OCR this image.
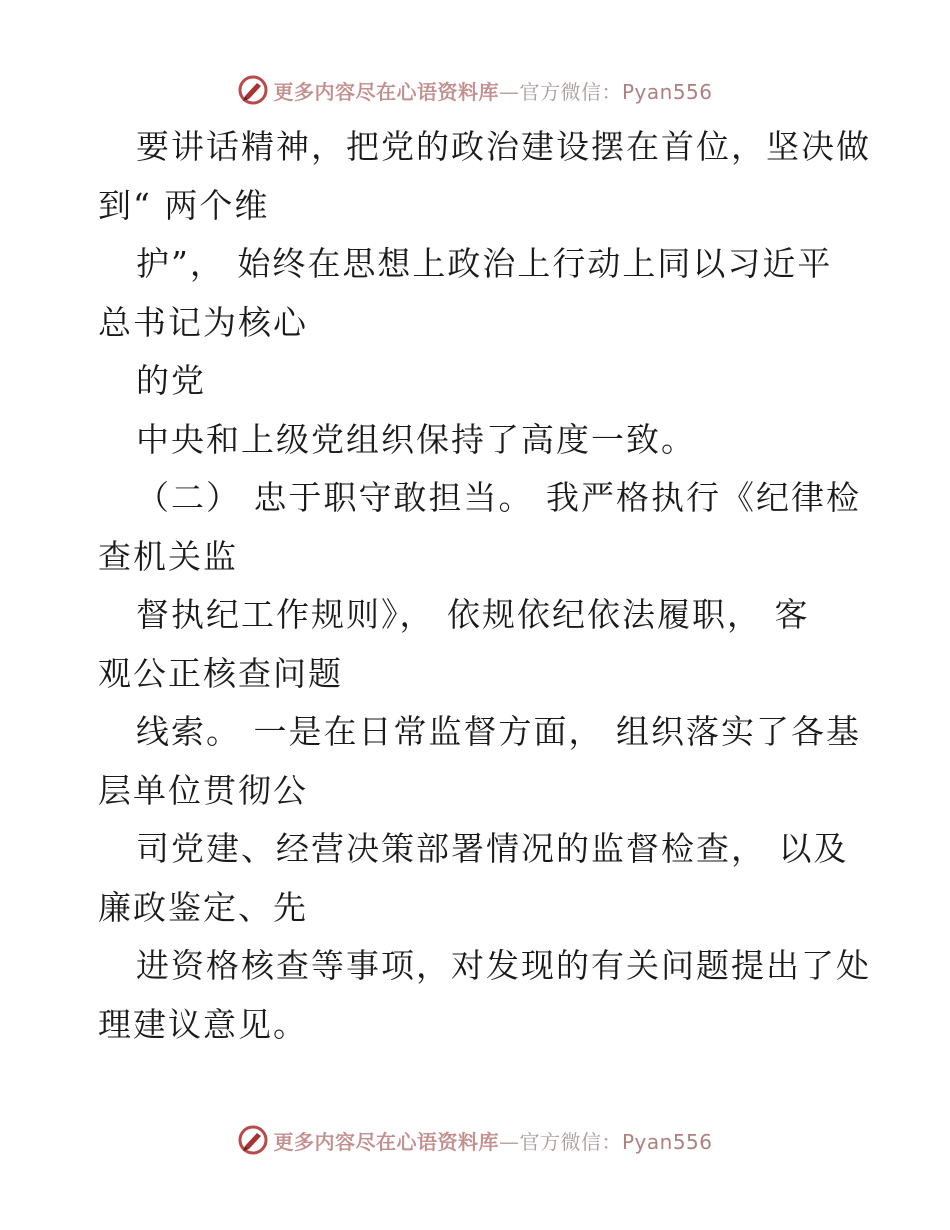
更多内容尽在心语资料库—官方微信：Pyan556
要讲话精神，把党的政治建设摆在首位，坚决做
到“ 两个维
护”， 始终在思想上政治上行动上同以习近平
总书记为核心
的党
中央和上级党组织保持了高度一致。
（二） 忠于职守敢担当。 我严格执行《纪律检
查机关监
督执纪工作规则》， 依规依纪依法履职， 客
观公正核查问题
线索。 一是在日常监督方面， 组织落实了各基
层单位贯彻公
司党建、经营决策部署情况的监督检查， 以及
廉政鉴定、先
进资格核查等事项，对发现的有关问题提出了处
理建议意见。
更多内容尽在心语资料库—官方微信：Pyan556
